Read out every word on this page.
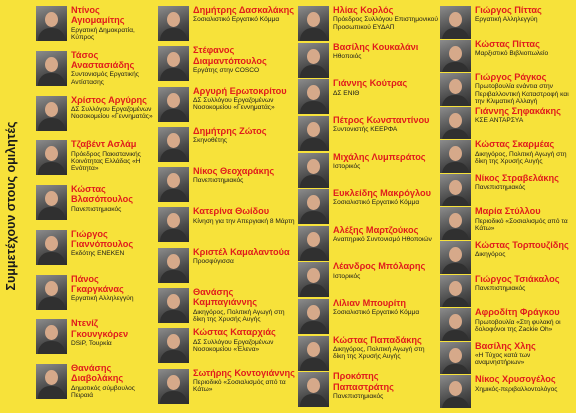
Συμμετέχουν στους ομιλητές
Ντίνος Αγιομαμίτης
Εργατική Δημοκρατία, Κύπρος
Τάσος Αναστασιάδης
Συντονισμός Εργατικής Αντίστασης
Χρίστος Αργύρης
ΔΣ Συλλόγου Εργαζομένων Νοσοκομείου «Γεννηματάς»
Τζαβέντ Ασλάμ
Πρόεδρος Πακιστανικής Κοινότητας Ελλάδας «Η Ενότητα»
Κώστας Βλασόπουλος
Πανεπιστημιακός
Γιώργος Γιαννόπουλος
Εκδότης ΕΝΕΚΕΝ
Πάνος Γκαργκάνας
Εργατική Αλληλεγγύη
Ντενίζ Γκουνγκόρεν
DSiP, Τουρκία
Θανάσης Διαβολάκης
Δημοτικός σύμβουλος Πειραιά
Δημήτρης Δασκαλάκης
Σοσιαλιστικό Εργατικό Κόμμα
Στέφανος Διαμαντόπουλος
Εργάτης στην COSCO
Αργυρή Ερωτοκρίτου
ΔΣ Συλλόγου Εργαζομένων Νοσοκομείου «Γεννηματάς»
Δημήτρης Ζώτος
Σκηνοθέτης
Νίκος Θεοχαράκης
Πανεπιστημιακός
Κατερίνα Θωίδου
Κίνηση για την Απεργιακή 8 Μάρτη
Κριστέλ Καμαλαντούα
Προσφύγισσα
Θανάσης Καμπαγιάννης
Δικηγόρος, Πολιτική Αγωγή στη δίκη της Χρυσής Αυγής
Κώστας Καταρχιάς
ΔΣ Συλλόγου Εργαζομένων Νοσοκομείου «Έλενα»
Σωτήρης Κοντογιάννης
Περιοδικό «Σοσιαλισμός από τα Κάτω»
Ηλίας Κορλός
Πρόεδρος Συλλόγου Επιστημονικού Προσωπικού ΕΥΔΑΠ
Βασίλης Κουκαλάνι
Ηθοποιός
Γιάννης Κούτρας
ΔΣ ΕΝΙΘ
Πέτρος Κωνσταντίνου
Συντονιστής ΚΕΕΡΦΑ
Μιχάλης Λυμπεράτος
Ιστορικός
Ευκλείδης Μακρόγλου
Σοσιαλιστικό Εργατικό Κόμμα
Αλέξης Μαρτζούκος
Αναπηρικό Συντονισμό Ηθοποιών
Λέανδρος Μπόλαρης
Ιστορικός
Λίλιαν Μπουρίτη
Σοσιαλιστικό Εργατικό Κόμμα
Κώστας Παπαδάκης
Δικηγόρος, Πολιτική Αγωγή στη δίκη της Χρυσής Αυγής
Προκόπης Παπαστράτης
Πανεπιστημιακός
Γιώργος Πίττας
Εργατική Αλληλεγγύη
Κώστας Πίττας
Μαρξιστικό Βιβλιοπωλείο
Γιώργος Ράγκος
Πρωτοβουλία ενάντια στην Περιβαλλοντική Καταστροφή και την Κλιματική Αλλαγή
Γιάννης Σηφακάκης
ΚΣΕ ΑΝΤΑΡΣΥΑ
Κώστας Σκαρμέας
Δικηγόρος, Πολιτική Αγωγή στη δίκη της Χρυσής Αυγής
Νίκος Στραβελάκης
Πανεπιστημιακός
Μαρία Στύλλου
Περιοδικό «Σοσιαλισμός από τα Κάτω»
Κώστας Τορπουζίδης
Δικηγόρος
Γιώργος Τσιάκαλος
Πανεπιστημιακός
Αφροδίτη Φράγκου
Πρωτοβουλία «Στη φυλακή οι δολοφόνοι της Zackie Oh»
Βασίλης Χλης
«Η Τύχος κατά των αναμνηστήριων»
Νίκος Χρυσογέλος
Χημικός-περιβαλλοντολόγος
